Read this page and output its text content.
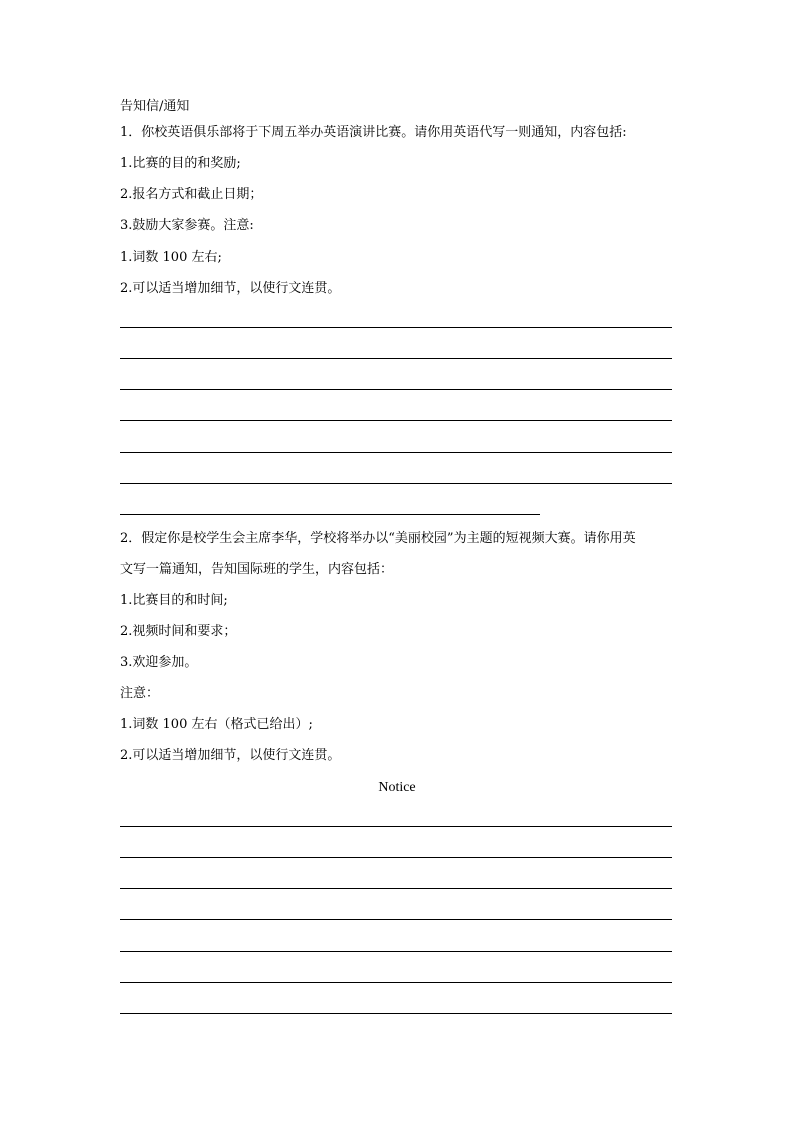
告知信/通知
1．你校英语俱乐部将于下周五举办英语演讲比赛。请你用英语代写一则通知，内容包括:
1.比赛的目的和奖励;
2.报名方式和截止日期；
3.鼓励大家参赛。注意:
1.词数 100 左右;
2.可以适当增加细节，以使行文连贯。
2．假定你是校学生会主席李华，学校将举办以“美丽校园”为主题的短视频大赛。请你用英
文写一篇通知，告知国际班的学生，内容包括：
1.比赛目的和时间;
2.视频时间和要求；
3.欢迎参加。
注意：
1.词数 100 左右（格式已给出）;
2.可以适当增加细节，以使行文连贯。
Notice
